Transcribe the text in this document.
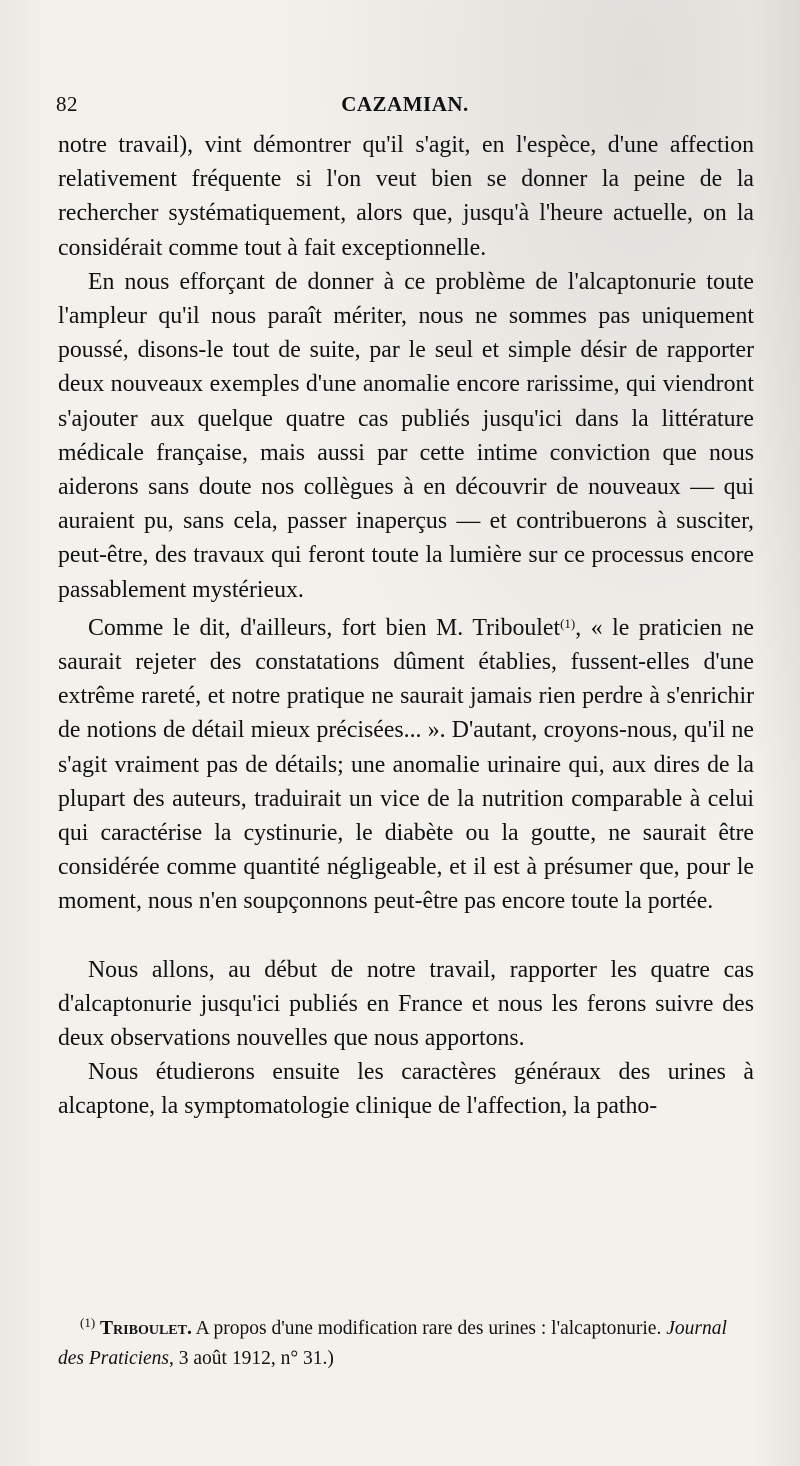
82	CAZAMIAN.

notre travail), vint démontrer qu'il s'agit, en l'espèce, d'une affection relativement fréquente si l'on veut bien se donner la peine de la rechercher systématiquement, alors que, jusqu'à l'heure actuelle, on la considérait comme tout à fait exceptionnelle.

En nous efforçant de donner à ce problème de l'alcaptonurie toute l'ampleur qu'il nous paraît mériter, nous ne sommes pas uniquement poussé, disons-le tout de suite, par le seul et simple désir de rapporter deux nouveaux exemples d'une anomalie encore rarissime, qui viendront s'ajouter aux quelque quatre cas publiés jusqu'ici dans la littérature médicale française, mais aussi par cette intime conviction que nous aiderons sans doute nos collègues à en découvrir de nouveaux — qui auraient pu, sans cela, passer inaperçus — et contribuerons à susciter, peut-être, des travaux qui feront toute la lumière sur ce processus encore passablement mystérieux.

Comme le dit, d'ailleurs, fort bien M. Triboulet$^{(1)}$, « le praticien ne saurait rejeter des constatations dûment établies, fussent-elles d'une extrême rareté, et notre pratique ne saurait jamais rien perdre à s'enrichir de notions de détail mieux précisées... ». D'autant, croyons-nous, qu'il ne s'agit vraiment pas de détails; une anomalie urinaire qui, aux dires de la plupart des auteurs, traduirait un vice de la nutrition comparable à celui qui caractérise la cystinurie, le diabète ou la goutte, ne saurait être considérée comme quantité négligeable, et il est à présumer que, pour le moment, nous n'en soupçonnons peut-être pas encore toute la portée.

Nous allons, au début de notre travail, rapporter les quatre cas d'alcaptonurie jusqu'ici publiés en France et nous les ferons suivre des deux observations nouvelles que nous apportons.

Nous étudierons ensuite les caractères généraux des urines à alcaptone, la symptomatologie clinique de l'affection, la patho-

$^{(1)}$ Triboulet. A propos d'une modification rare des urines : l'alcaptonurie. Journal des Praticiens, 3 août 1912, n° 31.)
